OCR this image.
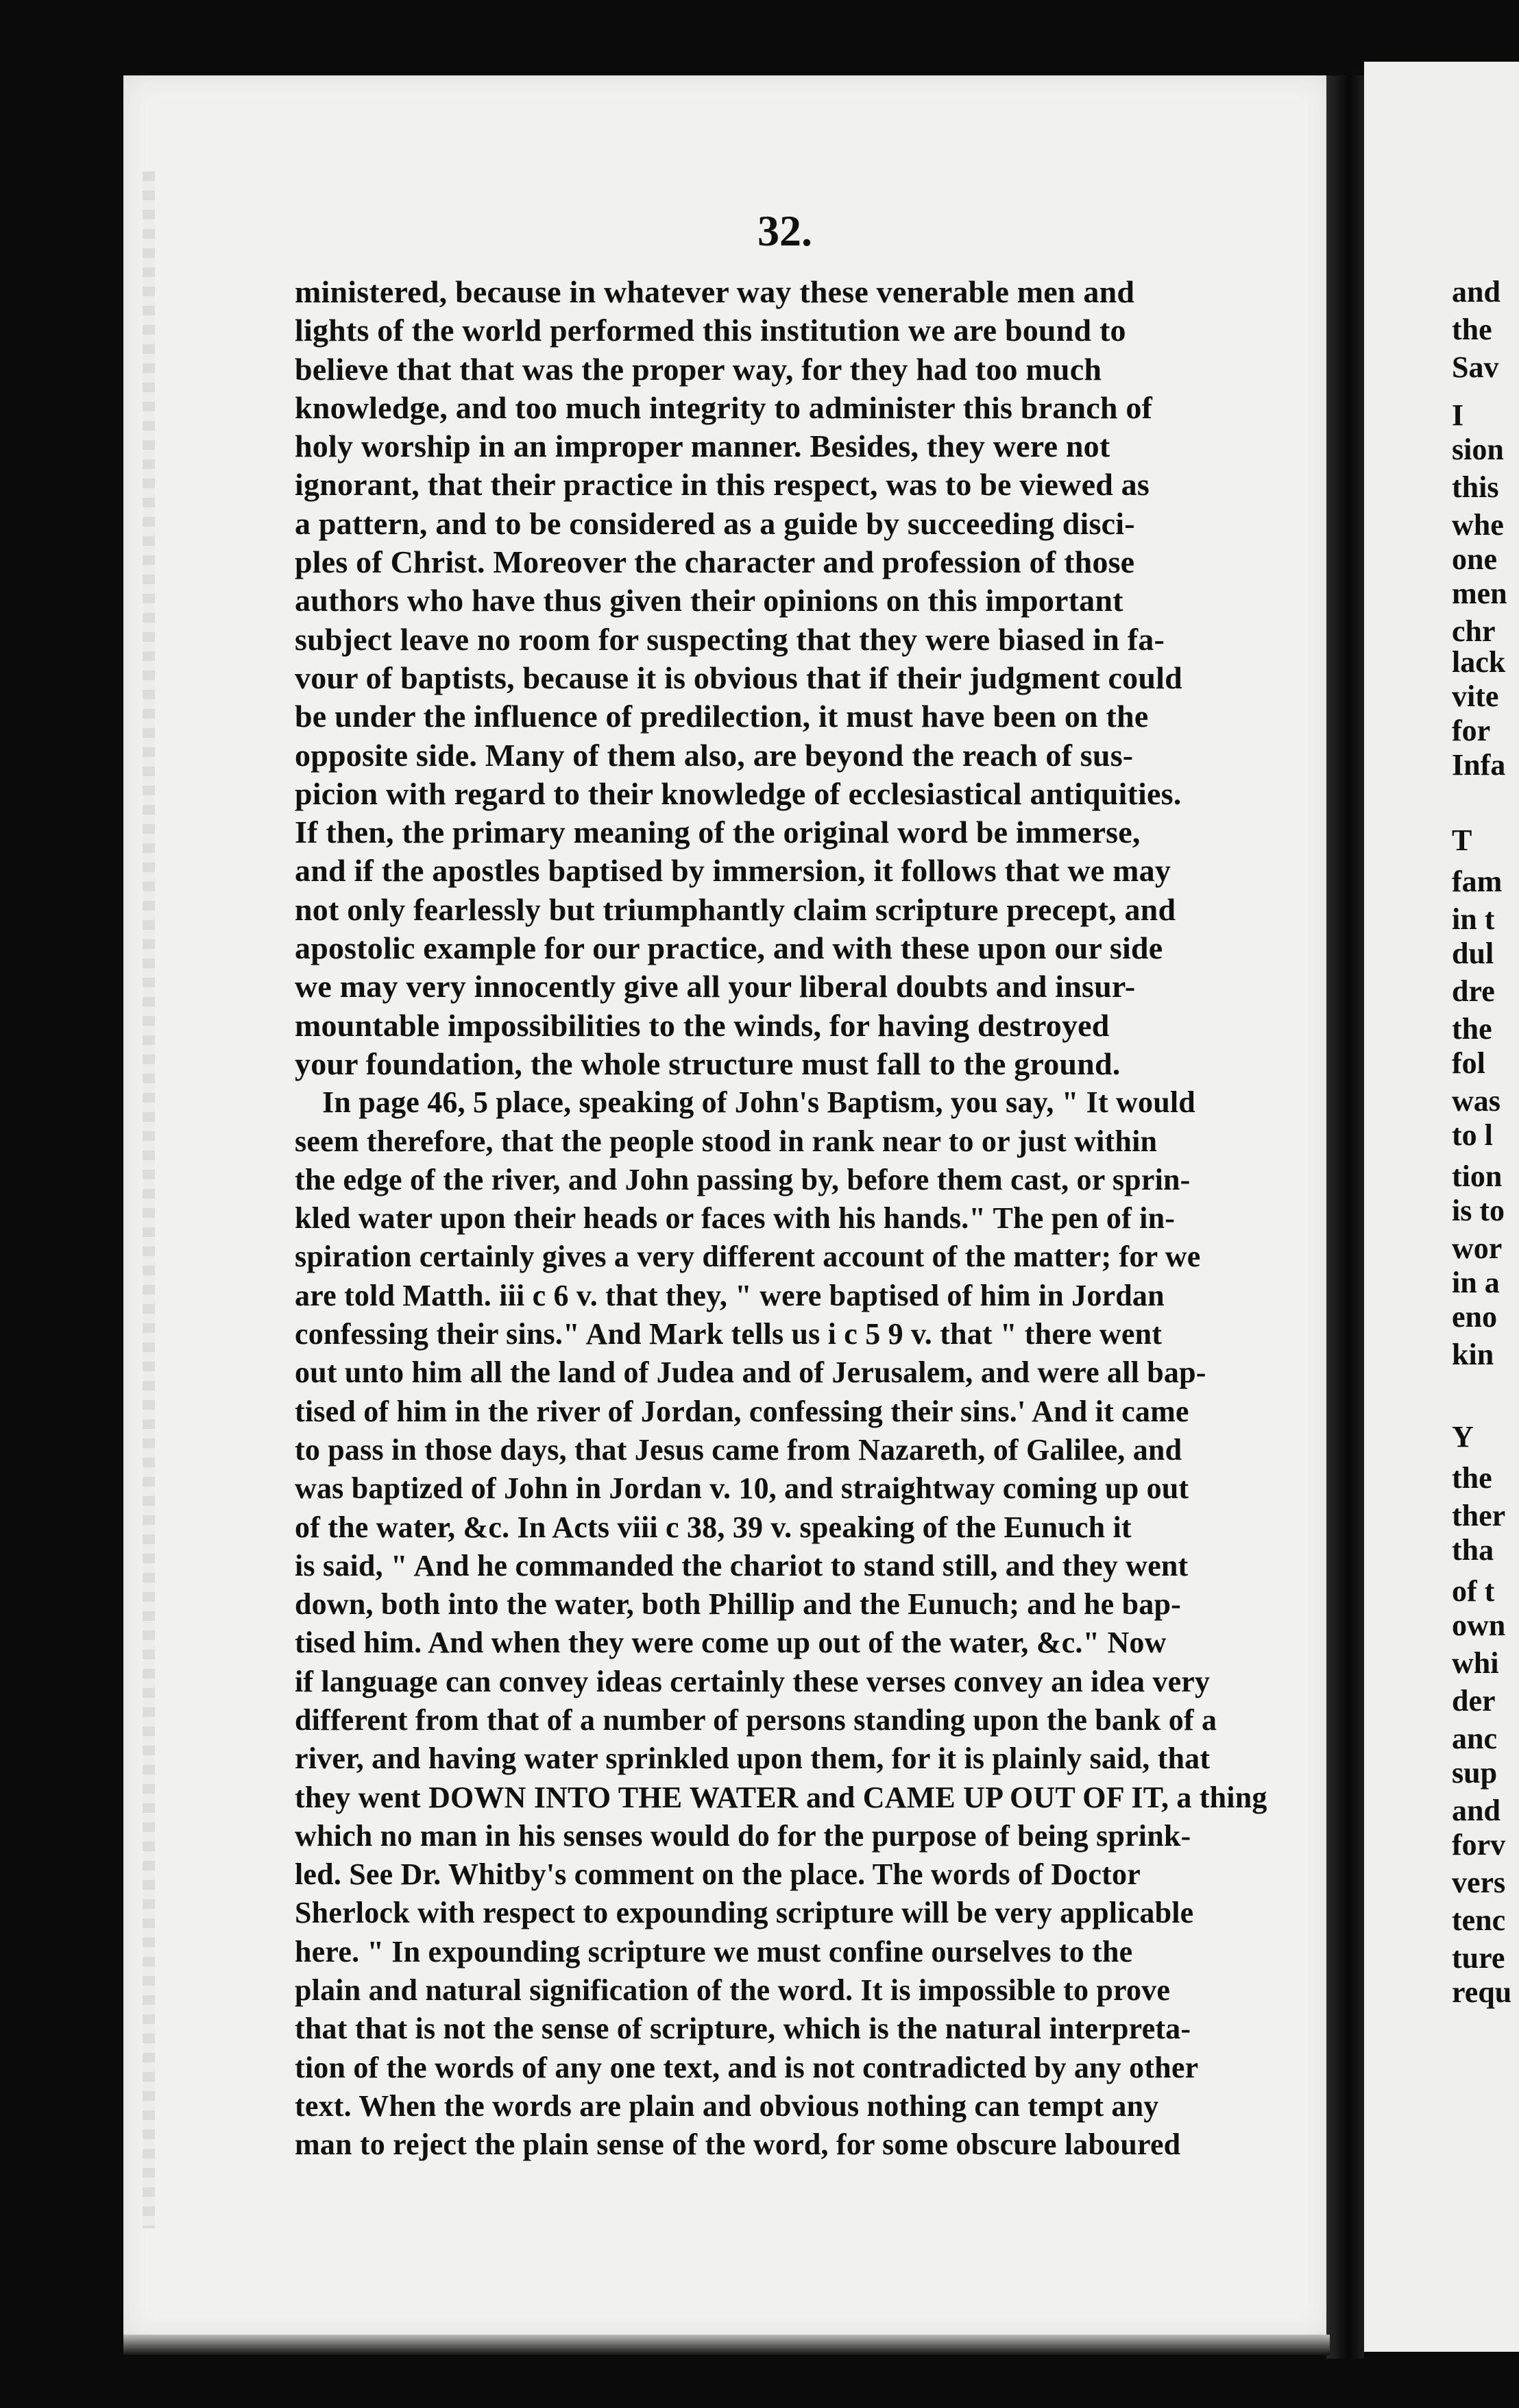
32.
ministered, because in whatever way these venerable men and
lights of the world performed this institution we are bound to
believe that that was the proper way, for they had too much
knowledge, and too much integrity to administer this branch of
holy worship in an improper manner. Besides, they were not
ignorant, that their practice in this respect, was to be viewed as
a pattern, and to be considered as a guide by succeeding disci-
ples of Christ. Moreover the character and profession of those
authors who have thus given their opinions on this important
subject leave no room for suspecting that they were biased in fa-
vour of baptists, because it is obvious that if their judgment could
be under the influence of predilection, it must have been on the
opposite side. Many of them also, are beyond the reach of sus-
picion with regard to their knowledge of ecclesiastical antiquities.
If then, the primary meaning of the original word be immerse,
and if the apostles baptised by immersion, it follows that we may
not only fearlessly but triumphantly claim scripture precept, and
apostolic example for our practice, and with these upon our side
we may very innocently give all your liberal doubts and insur-
mountable impossibilities to the winds, for having destroyed
your foundation, the whole structure must fall to the ground.
In page 46, 5 place, speaking of John's Baptism, you say, " It would
seem therefore, that the people stood in rank near to or just within
the edge of the river, and John passing by, before them cast, or sprin-
kled water upon their heads or faces with his hands." The pen of in-
spiration certainly gives a very different account of the matter; for we
are told Matth. iii c 6 v. that they, " were baptised of him in Jordan
confessing their sins." And Mark tells us i c 5 9 v. that " there went
out unto him all the land of Judea and of Jerusalem, and were all bap-
tised of him in the river of Jordan, confessing their sins.' And it came
to pass in those days, that Jesus came from Nazareth, of Galilee, and
was baptized of John in Jordan v. 10, and straightway coming up out
of the water, &c. In Acts viii c 38, 39 v. speaking of the Eunuch it
is said, " And he commanded the chariot to stand still, and they went
down, both into the water, both Phillip and the Eunuch; and he bap-
tised him. And when they were come up out of the water, &c." Now
if language can convey ideas certainly these verses convey an idea very
different from that of a number of persons standing upon the bank of a
river, and having water sprinkled upon them, for it is plainly said, that
they went DOWN INTO THE WATER and CAME UP OUT OF IT, a thing
which no man in his senses would do for the purpose of being sprink-
led. See Dr. Whitby's comment on the place. The words of Doctor
Sherlock with respect to expounding scripture will be very applicable
here. " In expounding scripture we must confine ourselves to the
plain and natural signification of the word. It is impossible to prove
that that is not the sense of scripture, which is the natural interpreta-
tion of the words of any one text, and is not contradicted by any other
text. When the words are plain and obvious nothing can tempt any
man to reject the plain sense of the word, for some obscure laboured
and
the
Sav
I
sion
this
whe
one
men
chr
lack
vite
for
Infa
T
fam
in t
dul
dre
the
fol
was
to l
tion
is to
wor
in a
eno
kin
Y
the
ther
tha
of t
own
whi
der
anc
sup
and
forv
vers
tenc
ture
requ
